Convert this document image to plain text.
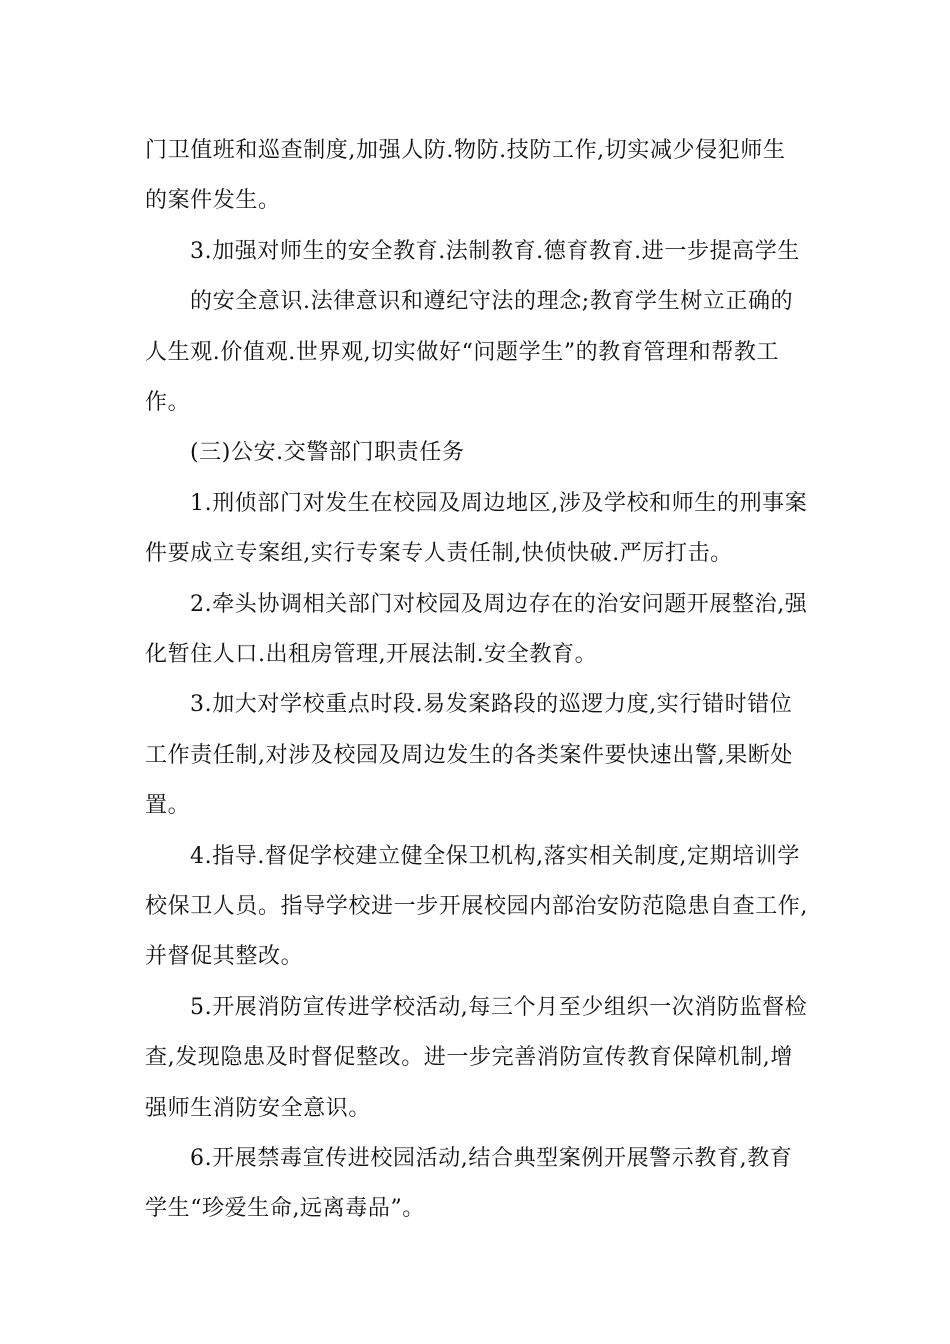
门卫值班和巡查制度,加强人防.物防.技防工作,切实减少侵犯师生
的案件发生。
3.加强对师生的安全教育.法制教育.德育教育.进一步提高学生
的安全意识.法律意识和遵纪守法的理念;教育学生树立正确的
人生观.价值观.世界观,切实做好“问题学生”的教育管理和帮教工
作。
(三)公安.交警部门职责任务
1.刑侦部门对发生在校园及周边地区,涉及学校和师生的刑事案
件要成立专案组,实行专案专人责任制,快侦快破.严厉打击。
2.牵头协调相关部门对校园及周边存在的治安问题开展整治,强
化暂住人口.出租房管理,开展法制.安全教育。
3.加大对学校重点时段.易发案路段的巡逻力度,实行错时错位
工作责任制,对涉及校园及周边发生的各类案件要快速出警,果断处
置。
4.指导.督促学校建立健全保卫机构,落实相关制度,定期培训学
校保卫人员。指导学校进一步开展校园内部治安防范隐患自查工作,
并督促其整改。
5.开展消防宣传进学校活动,每三个月至少组织一次消防监督检
查,发现隐患及时督促整改。进一步完善消防宣传教育保障机制,增
强师生消防安全意识。
6.开展禁毒宣传进校园活动,结合典型案例开展警示教育,教育
学生“珍爱生命,远离毒品”。
